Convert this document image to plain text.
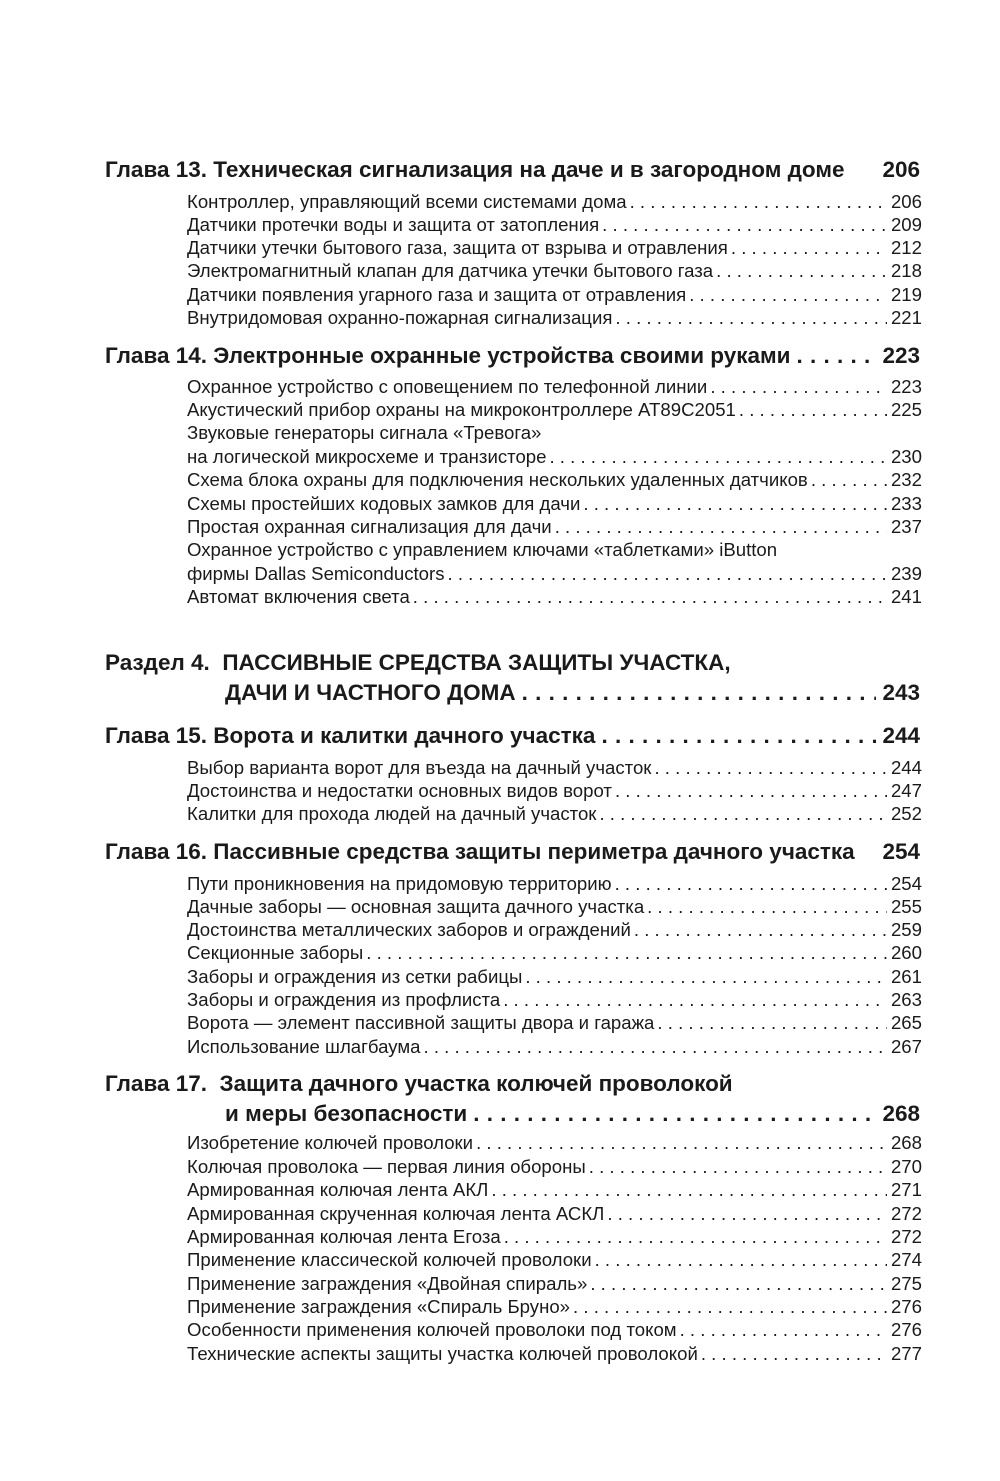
Глава 13. Техническая сигнализация на даче и в загородном доме 206
Контроллер, управляющий всеми системами дома . . .	206
Датчики протечки воды и защита от затопления . . .	209
Датчики утечки бытового газа, защита от взрыва и отравления . . .	212
Электромагнитный клапан для датчика утечки бытового газа . . .	218
Датчики появления угарного газа и защита от отравления . . .	219
Внутридомовая охранно-пожарная сигнализация . . .	221
Глава 14. Электронные охранные устройства своими руками . . .	223
Охранное устройство с оповещением по телефонной линии . . .	223
Акустический прибор охраны на микроконтроллере AT89C2051 . . .	225
Звуковые генераторы сигнала «Тревога»
на логической микросхеме и транзисторе . . .	230
Схема блока охраны для подключения нескольких удаленных датчиков . . .	232
Схемы простейших кодовых замков для дачи . . .	233
Простая охранная сигнализация для дачи . . .	237
Охранное устройство с управлением ключами «таблетками» iButton
фирмы Dallas Semiconductors . . .	239
Автомат включения света . . .	241
Раздел 4. ПАССИВНЫЕ СРЕДСТВА ЗАЩИТЫ УЧАСТКА,
ДАЧИ И ЧАСТНОГО ДОМА . . .	243
Глава 15. Ворота и калитки дачного участка . . .	244
Выбор варианта ворот для въезда на дачный участок . . .	244
Достоинства и недостатки основных видов ворот . . .	247
Калитки для прохода людей на дачный участок . . .	252
Глава 16. Пассивные средства защиты периметра дачного участка 254
Пути проникновения на придомовую территорию . . .	254
Дачные заборы — основная защита дачного участка . . .	255
Достоинства металлических заборов и ограждений . . .	259
Секционные заборы . . .	260
Заборы и ограждения из сетки рабицы . . .	261
Заборы и ограждения из профлиста . . .	263
Ворота — элемент пассивной защиты двора и гаража . . .	265
Использование шлагбаума . . .	267
Глава 17. Защита дачного участка колючей проволокой
и меры безопасности . . .	268
Изобретение колючей проволоки . . .	268
Колючая проволока — первая линия обороны . . .	270
Армированная колючая лента АКЛ . . .	271
Армированная скрученная колючая лента АСКЛ . . .	272
Армированная колючая лента Егоза . . .	272
Применение классической колючей проволоки . . .	274
Применение заграждения «Двойная спираль» . . .	275
Применение заграждения «Спираль Бруно» . . .	276
Особенности применения колючей проволоки под током . . .	276
Технические аспекты защиты участка колючей проволокой . . .	277
